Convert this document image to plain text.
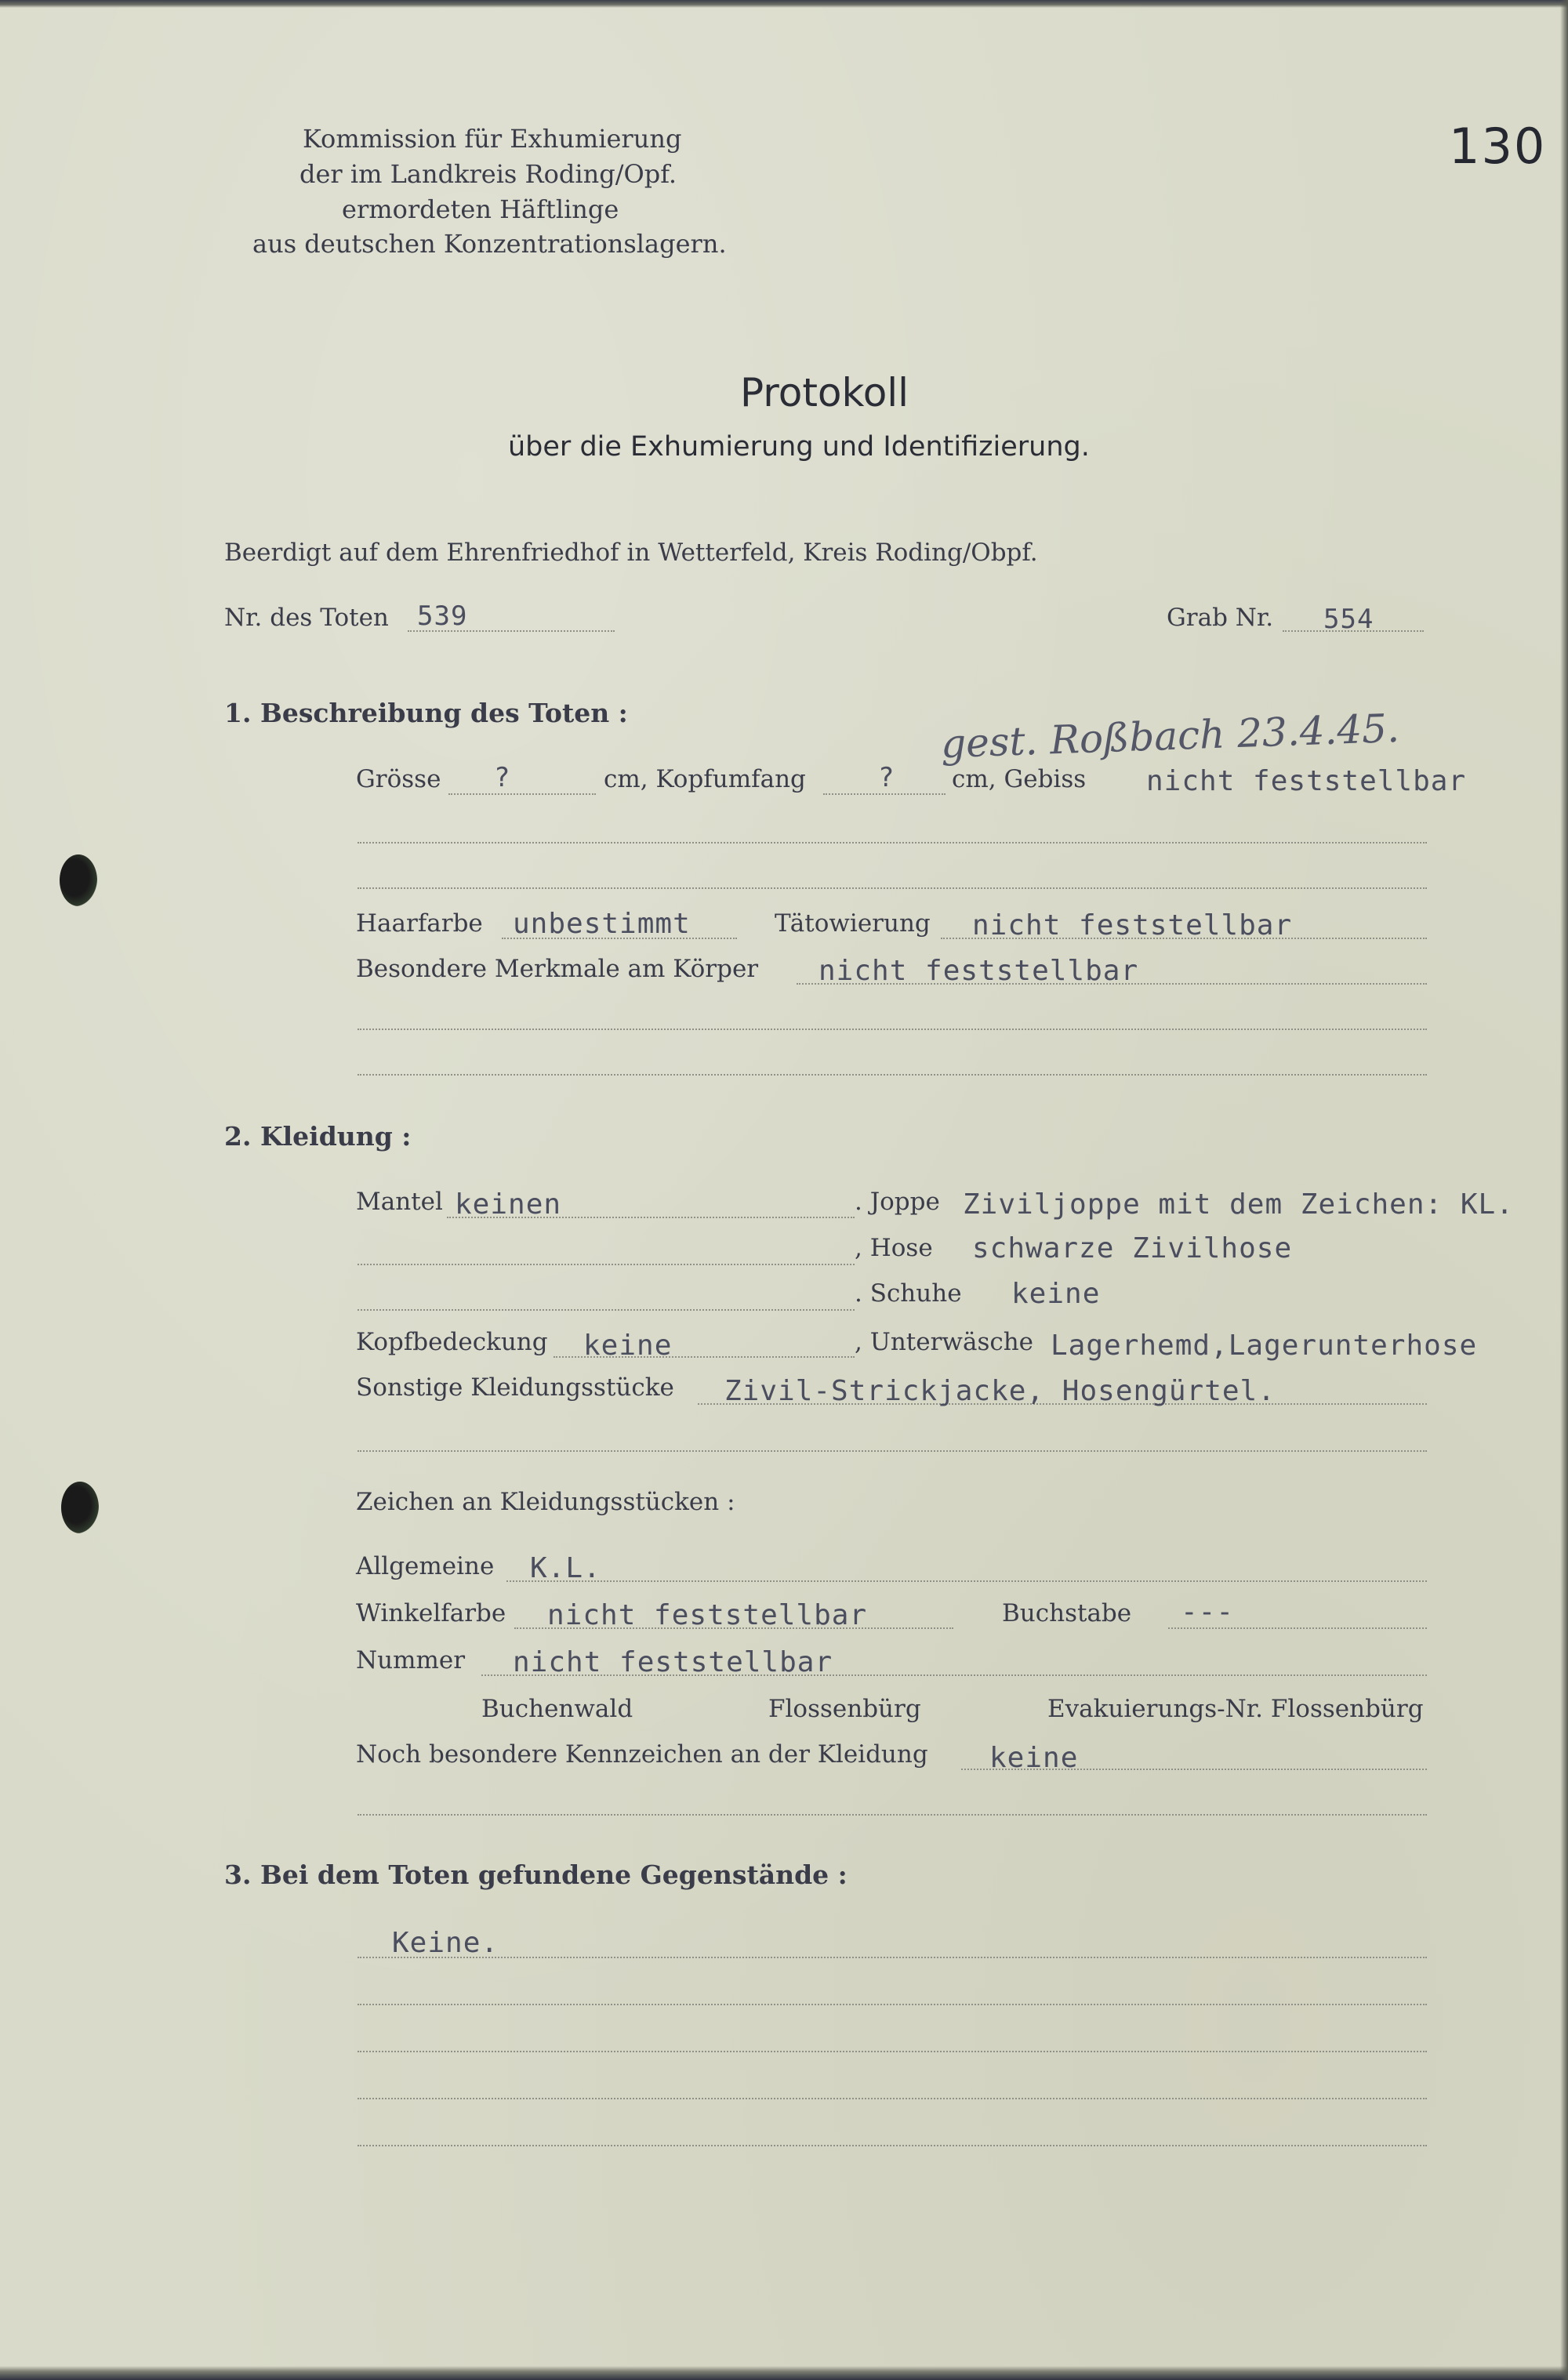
130
Kommission für Exhumierung
der im Landkreis Roding/Opf.
ermordeten Häftlinge
aus deutschen Konzentrationslagern.
Protokoll
über die Exhumierung und Identifizierung.
Beerdigt auf dem Ehrenfriedhof in Wetterfeld, Kreis Roding/Obpf.
Nr. des Toten 539	Grab Nr. 554
gest. Roßbach 23.4.45.
1. Beschreibung des Toten :
Grösse ?	cm, Kopfumfang	? cm, Gebiss nicht feststellbar
Haarfarbe unbestimmt	Tätowierung nicht feststellbar
Besondere Merkmale am Körper nicht feststellbar
2. Kleidung :
Mantel keinen	. Joppe Ziviljoppe mit dem Zeichen: KL.
, Hose schwarze Zivilhose
. Schuhe keine
Kopfbedeckung keine	, Unterwäsche Lagerhemd,Lagerunterhose
Sonstige Kleidungsstücke Zivil-Strickjacke, Hosengürtel.
Zeichen an Kleidungsstücken :
Allgemeine K.L.
Winkelfarbe nicht feststellbar	Buchstabe ---
Nummer nicht feststellbar
Buchenwald	Flossenbürg	Evakuierungs-Nr. Flossenbürg
Noch besondere Kennzeichen an der Kleidung keine
3. Bei dem Toten gefundene Gegenstände :
Keine.
